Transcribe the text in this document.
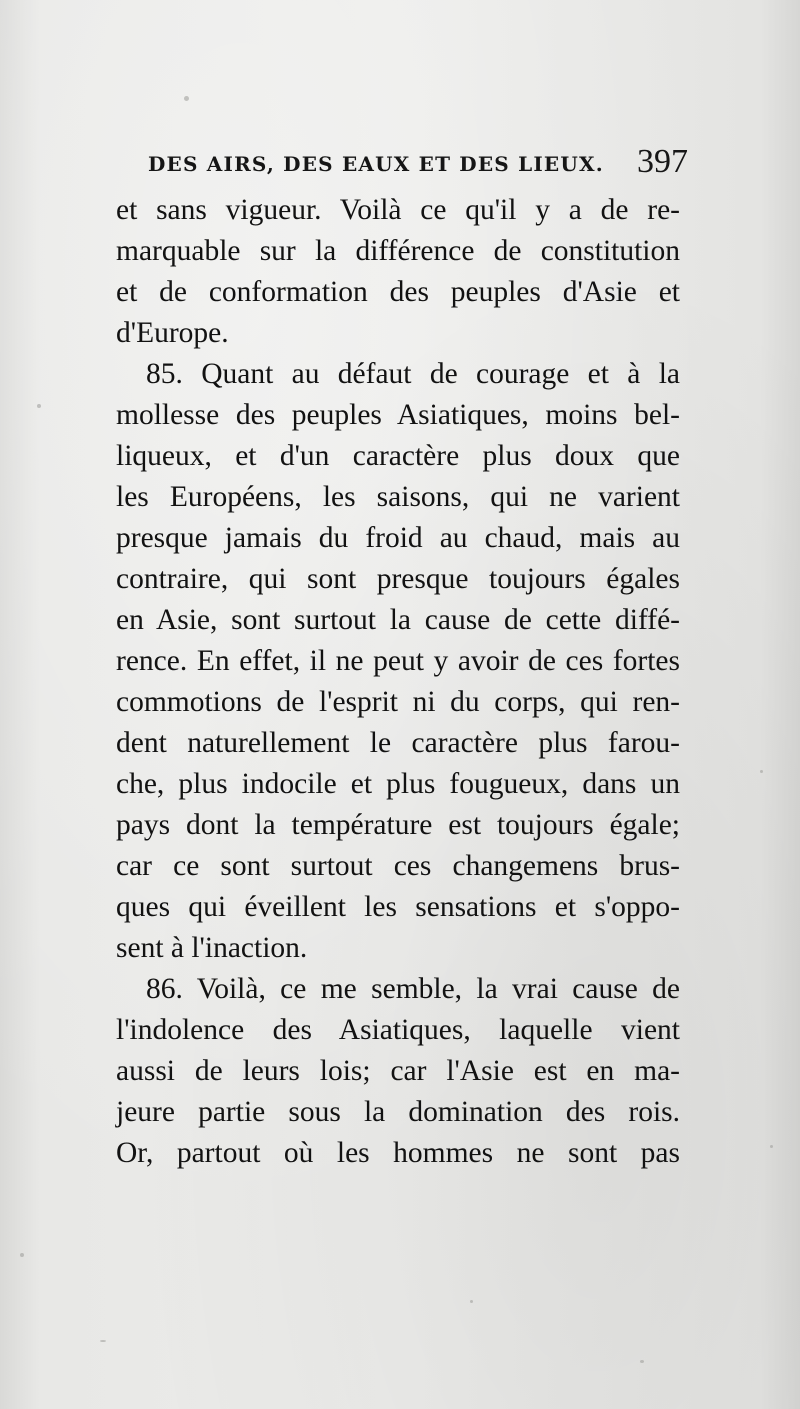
DES AIRS, DES EAUX ET DES LIEUX. 397
et sans vigueur. Voilà ce qu'il y a de re-
marquable sur la différence de constitution
et de conformation des peuples d'Asie et
d'Europe.
85. Quant au défaut de courage et à la
mollesse des peuples Asiatiques, moins bel-
liqueux, et d'un caractère plus doux que
les Européens, les saisons, qui ne varient
presque jamais du froid au chaud, mais au
contraire, qui sont presque toujours égales
en Asie, sont surtout la cause de cette diffé-
rence. En effet, il ne peut y avoir de ces fortes
commotions de l'esprit ni du corps, qui ren-
dent naturellement le caractère plus farou-
che, plus indocile et plus fougueux, dans un
pays dont la température est toujours égale;
car ce sont surtout ces changemens brus-
ques qui éveillent les sensations et s'oppo-
sent à l'inaction.
86. Voilà, ce me semble, la vrai cause de
l'indolence des Asiatiques, laquelle vient
aussi de leurs lois; car l'Asie est en ma-
jeure partie sous la domination des rois.
Or, partout où les hommes ne sont pas
